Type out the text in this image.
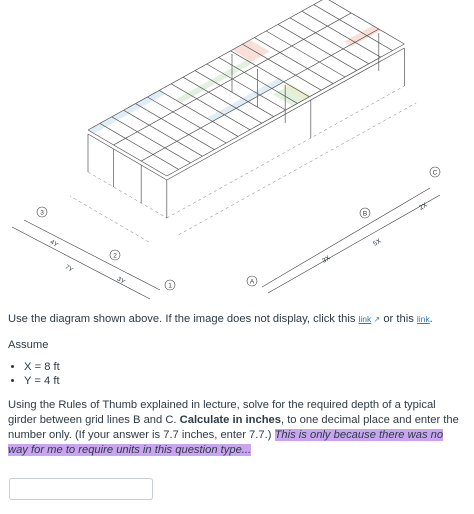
1
2
3
A
B
C
4Y
7Y
3Y
3X
5X
2X

Use the diagram shown above. If the image does not display, click this link ↗ or this link.

Assume

• X = 8 ft
• Y = 4 ft

Using the Rules of Thumb explained in lecture, solve for the required depth of a typical girder between grid lines B and C. Calculate in inches, to one decimal place and enter the number only. (If your answer is 7.7 inches, enter 7.7.) This is only because there was no way for me to require units in this question type...
